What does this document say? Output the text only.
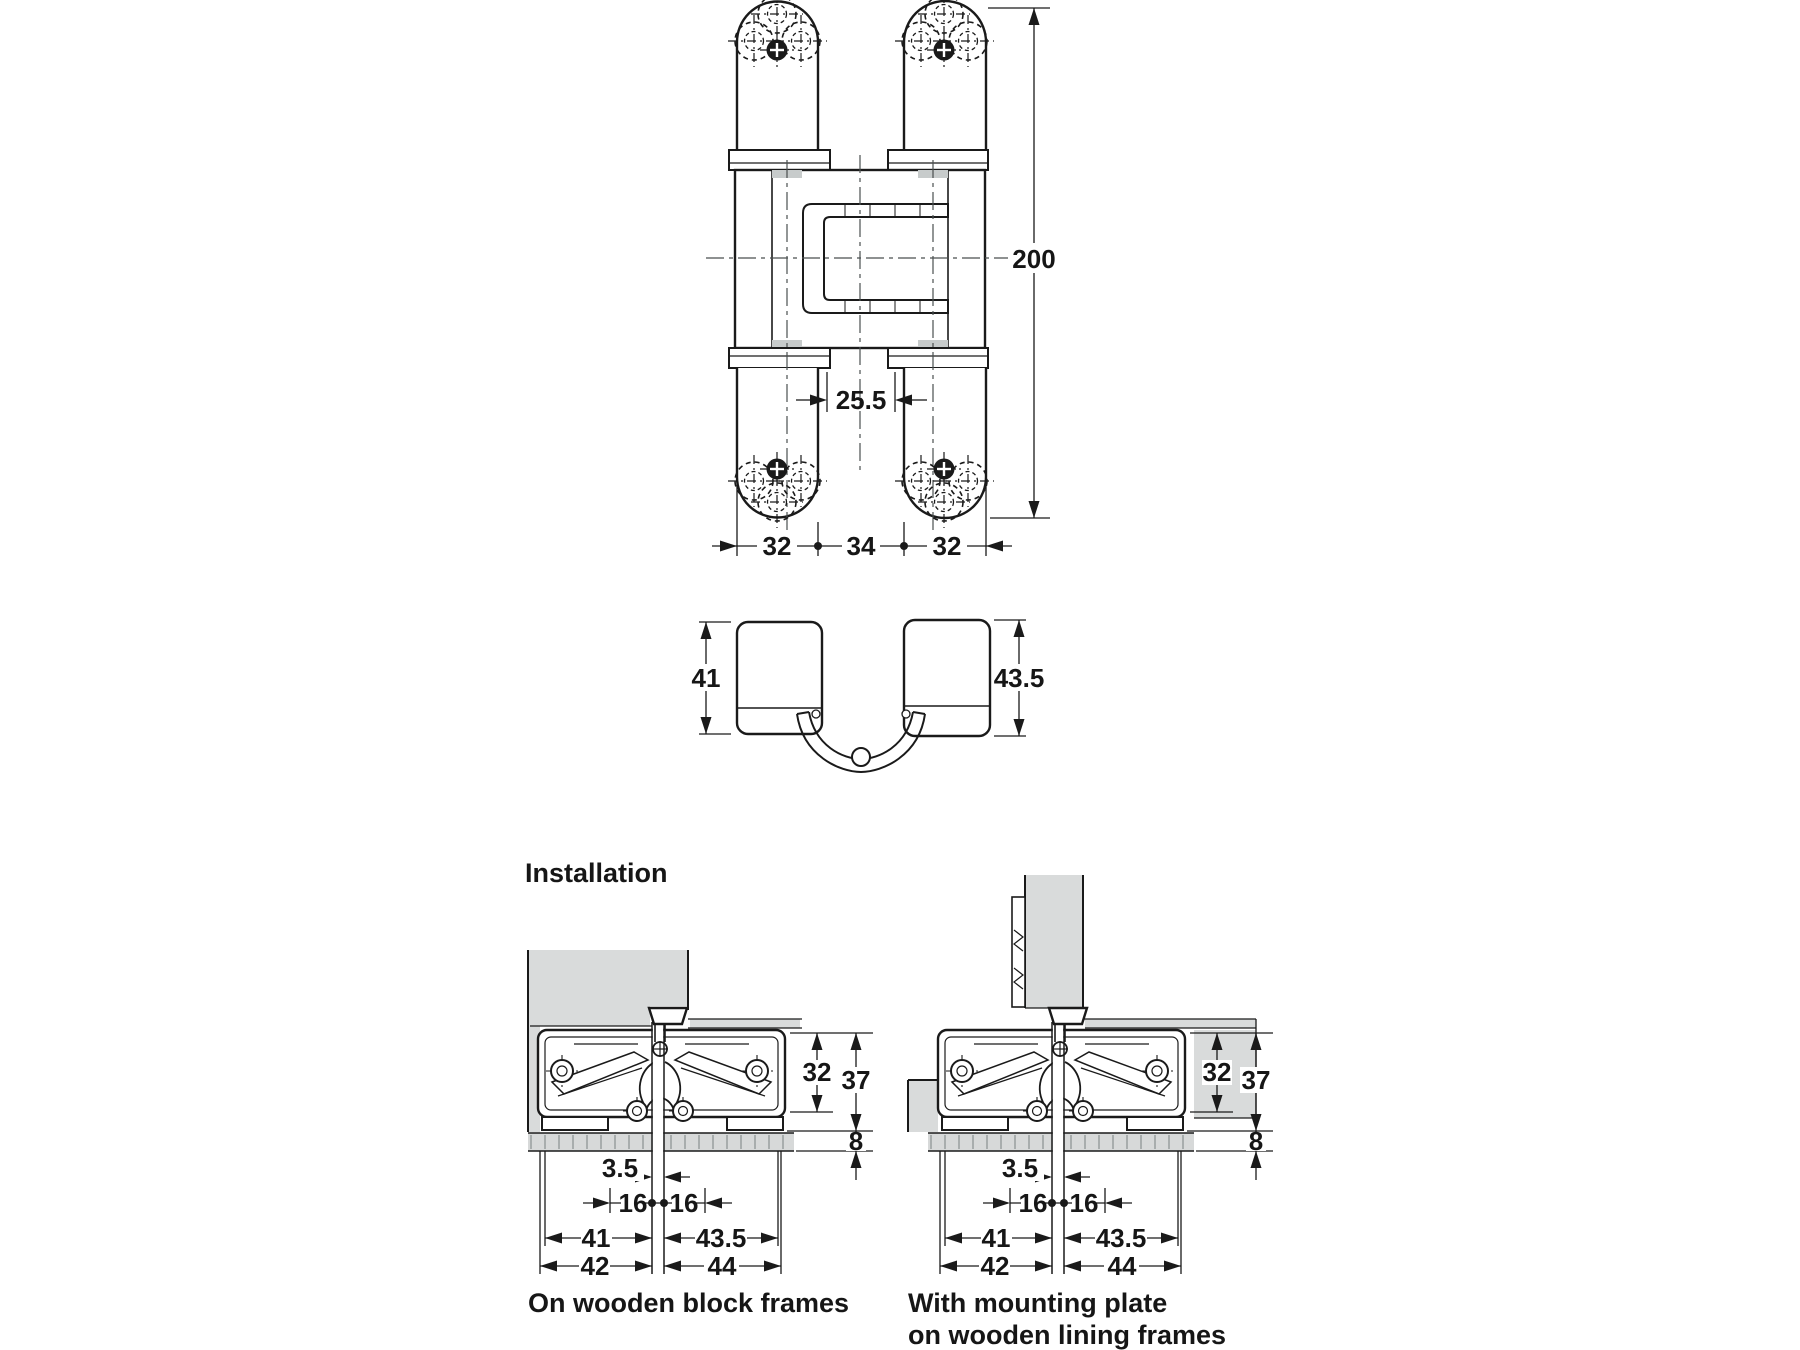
200
25.5
32 34 32
41	43.5
Installation
32 37
8
3.5
16 16
41	43.5
42	44
On wooden block frames
32 37
8
3.5
16 16
41	43.5
42	44
With mounting plate
on wooden lining frames
